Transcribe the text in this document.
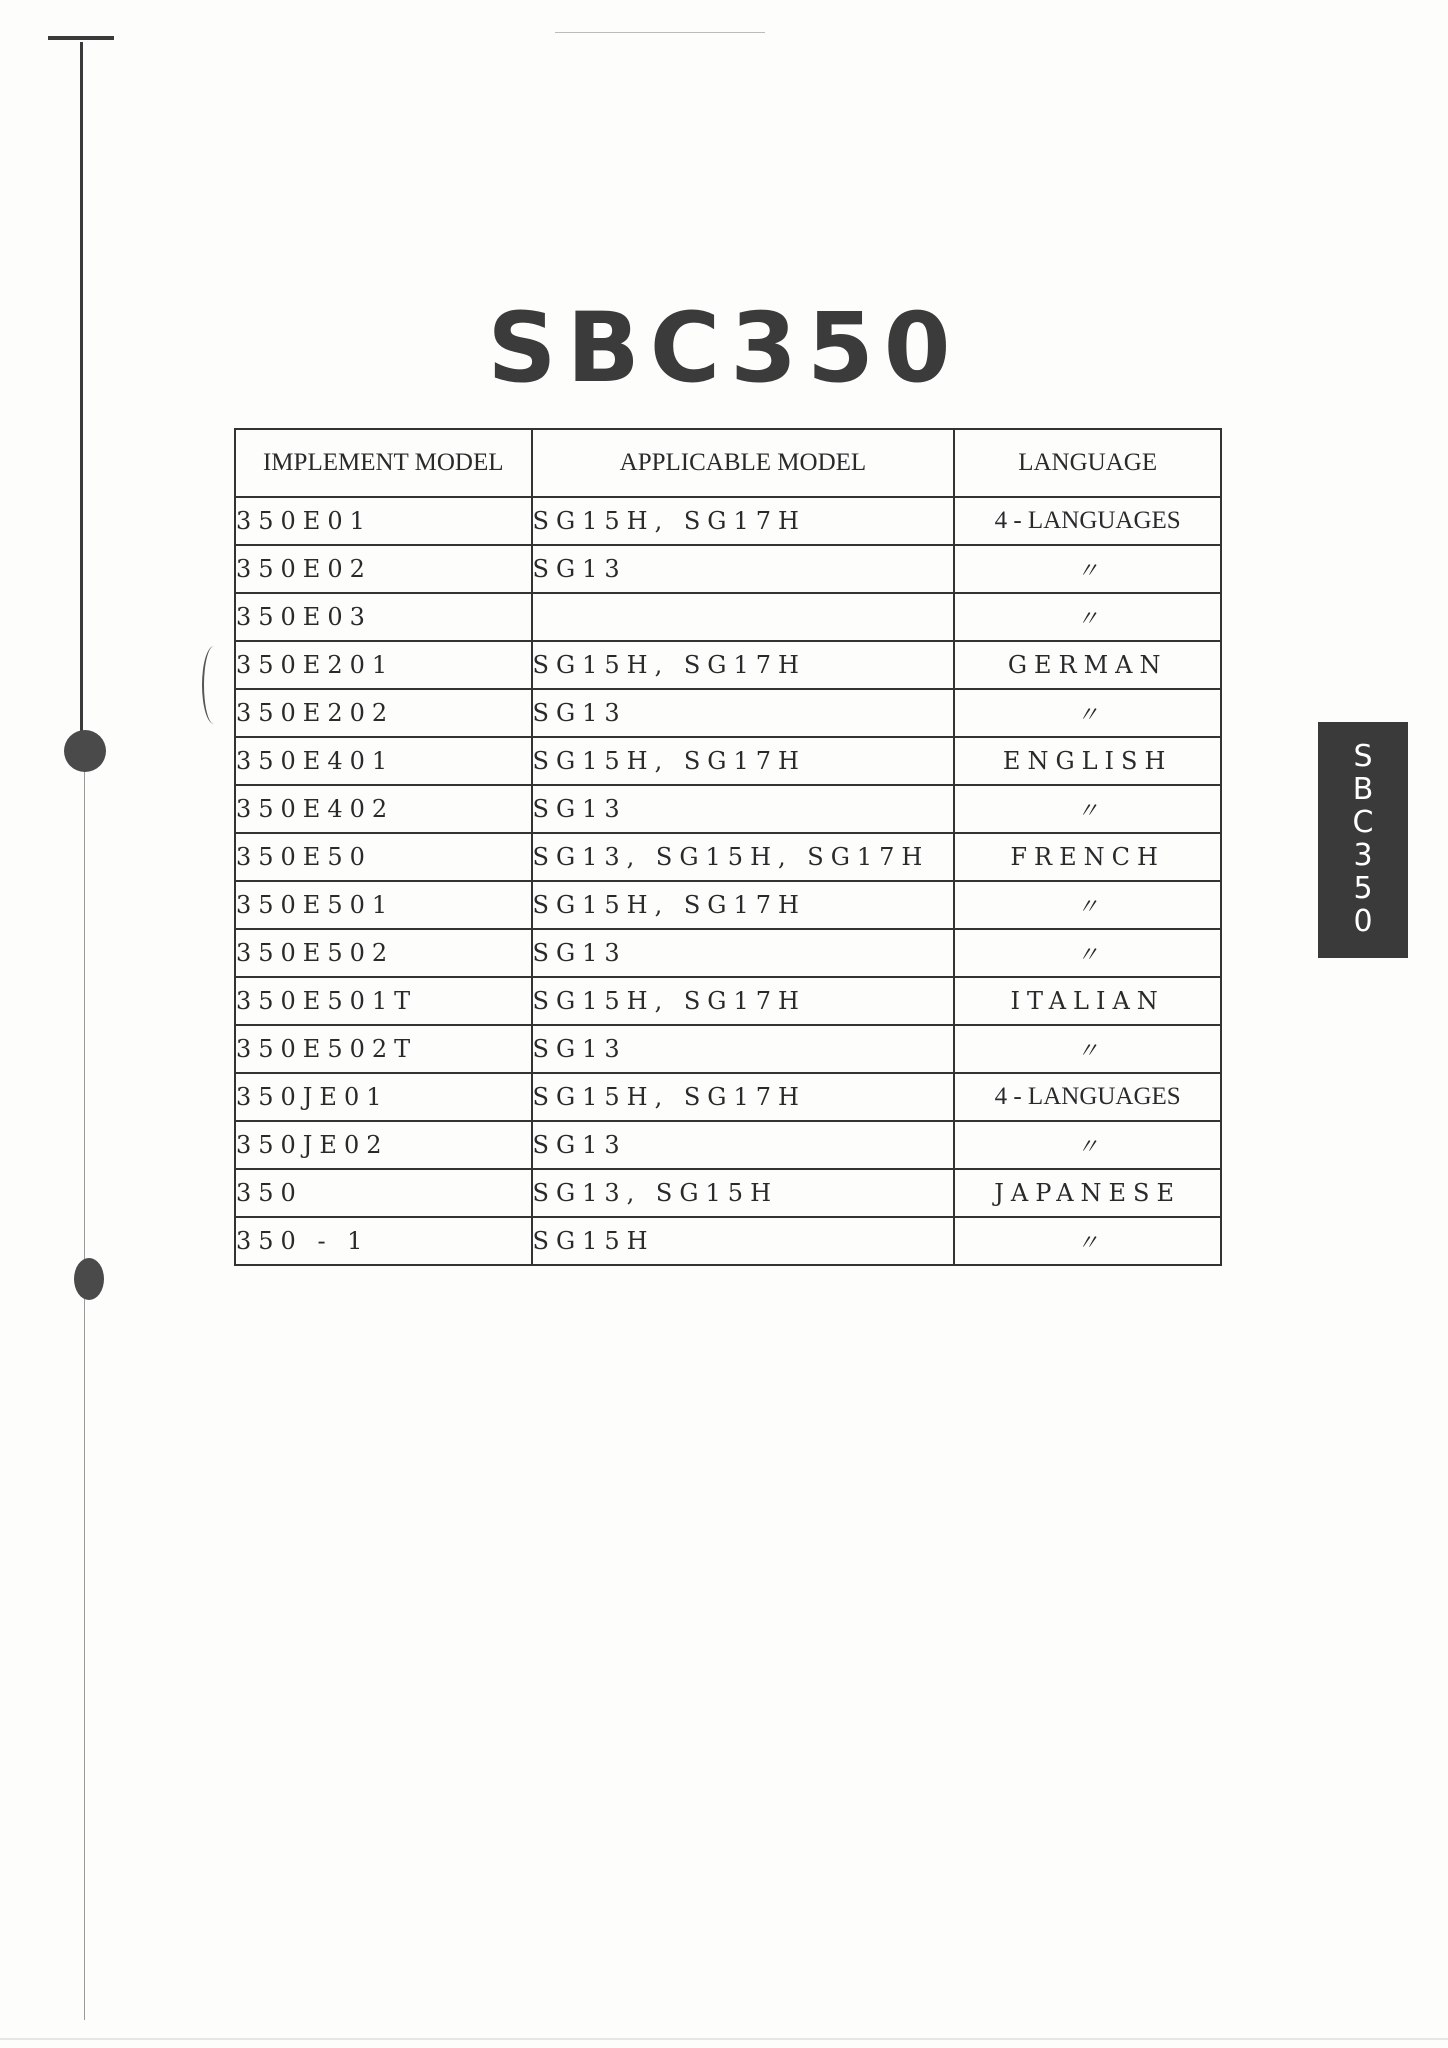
SBC350
IMPLEMENT MODEL	APPLICABLE MODEL	LANGUAGE
350E01	SG15H, SG17H	4 - LANGUAGES
350E02	SG13	〃
350E03		〃
350E201	SG15H, SG17H	GERMAN
350E202	SG13	〃
350E401	SG15H, SG17H	ENGLISH
350E402	SG13	〃
350E50	SG13, SG15H, SG17H	FRENCH
350E501	SG15H, SG17H	〃
350E502	SG13	〃
350E501T	SG15H, SG17H	ITALIAN
350E502T	SG13	〃
350JE01	SG15H, SG17H	4 - LANGUAGES
350JE02	SG13	〃
350	SG13, SG15H	JAPANESE
350 - 1	SG15H	〃
S
B
C
3
5
0
